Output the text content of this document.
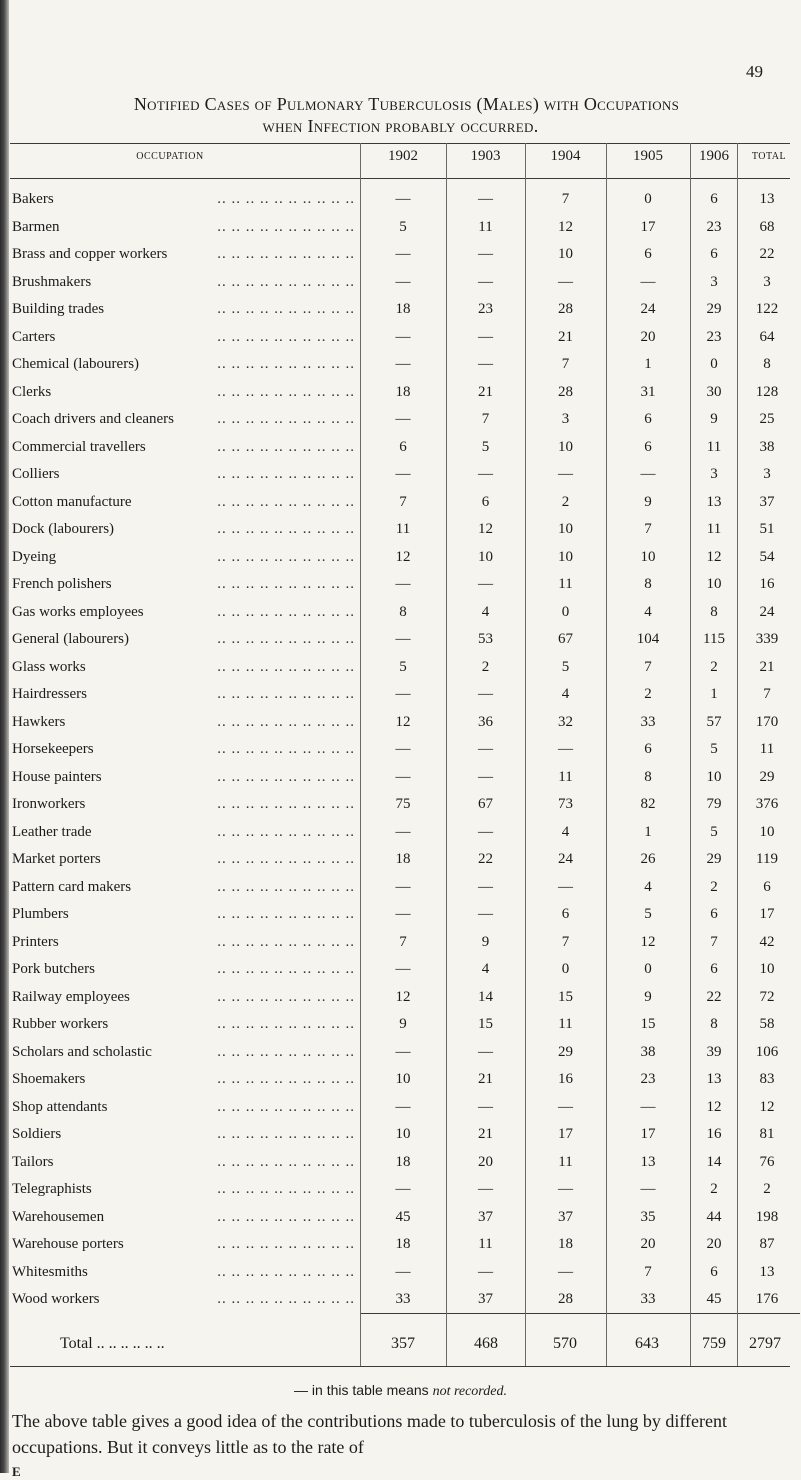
49
Notified Cases of Pulmonary Tuberculosis (Males) with Occupations
when Infection probably occurred.
occupation	1902	1903	1904	1905	1906	total
Bakers	.. .. .. .. .. .. .. .. .. ..	—	—	7	0	6	13
Barmen	.. .. .. .. .. .. .. .. .. ..	5	11	12	17	23	68
Brass and copper workers	.. .. .. .. .. .. .. .. .. ..	—	—	10	6	6	22
Brushmakers	.. .. .. .. .. .. .. .. .. ..	—	—	—	—	3	3
Building trades	.. .. .. .. .. .. .. .. .. ..	18	23	28	24	29	122
Carters	.. .. .. .. .. .. .. .. .. ..	—	—	21	20	23	64
Chemical (labourers)	.. .. .. .. .. .. .. .. .. ..	—	—	7	1	0	8
Clerks	.. .. .. .. .. .. .. .. .. ..	18	21	28	31	30	128
Coach drivers and cleaners	.. .. .. .. .. .. .. .. .. ..	—	7	3	6	9	25
Commercial travellers	.. .. .. .. .. .. .. .. .. ..	6	5	10	6	11	38
Colliers	.. .. .. .. .. .. .. .. .. ..	—	—	—	—	3	3
Cotton manufacture	.. .. .. .. .. .. .. .. .. ..	7	6	2	9	13	37
Dock (labourers)	.. .. .. .. .. .. .. .. .. ..	11	12	10	7	11	51
Dyeing	.. .. .. .. .. .. .. .. .. ..	12	10	10	10	12	54
French polishers	.. .. .. .. .. .. .. .. .. ..	—	—	11	8	10	16
Gas works employees	.. .. .. .. .. .. .. .. .. ..	8	4	0	4	8	24
General (labourers)	.. .. .. .. .. .. .. .. .. ..	—	53	67	104	115	339
Glass works	.. .. .. .. .. .. .. .. .. ..	5	2	5	7	2	21
Hairdressers	.. .. .. .. .. .. .. .. .. ..	—	—	4	2	1	7
Hawkers	.. .. .. .. .. .. .. .. .. ..	12	36	32	33	57	170
Horsekeepers	.. .. .. .. .. .. .. .. .. ..	—	—	—	6	5	11
House painters	.. .. .. .. .. .. .. .. .. ..	—	—	11	8	10	29
Ironworkers	.. .. .. .. .. .. .. .. .. ..	75	67	73	82	79	376
Leather trade	.. .. .. .. .. .. .. .. .. ..	—	—	4	1	5	10
Market porters	.. .. .. .. .. .. .. .. .. ..	18	22	24	26	29	119
Pattern card makers	.. .. .. .. .. .. .. .. .. ..	—	—	—	4	2	6
Plumbers	.. .. .. .. .. .. .. .. .. ..	—	—	6	5	6	17
Printers	.. .. .. .. .. .. .. .. .. ..	7	9	7	12	7	42
Pork butchers	.. .. .. .. .. .. .. .. .. ..	—	4	0	0	6	10
Railway employees	.. .. .. .. .. .. .. .. .. ..	12	14	15	9	22	72
Rubber workers	.. .. .. .. .. .. .. .. .. ..	9	15	11	15	8	58
Scholars and scholastic	.. .. .. .. .. .. .. .. .. ..	—	—	29	38	39	106
Shoemakers	.. .. .. .. .. .. .. .. .. ..	10	21	16	23	13	83
Shop attendants	.. .. .. .. .. .. .. .. .. ..	—	—	—	—	12	12
Soldiers	.. .. .. .. .. .. .. .. .. ..	10	21	17	17	16	81
Tailors	.. .. .. .. .. .. .. .. .. ..	18	20	11	13	14	76
Telegraphists	.. .. .. .. .. .. .. .. .. ..	—	—	—	—	2	2
Warehousemen	.. .. .. .. .. .. .. .. .. ..	45	37	37	35	44	198
Warehouse porters	.. .. .. .. .. .. .. .. .. ..	18	11	18	20	20	87
Whitesmiths	.. .. .. .. .. .. .. .. .. ..	—	—	—	7	6	13
Wood workers	.. .. .. .. .. .. .. .. .. ..	33	37	28	33	45	176
Total .. .. .. .. .. ..	357	468	570	643	759	2797
— in this table means not recorded.
The above table gives a good idea of the contributions made to tuberculosis of the lung by different occupations. But it conveys little as to the rate of
E
